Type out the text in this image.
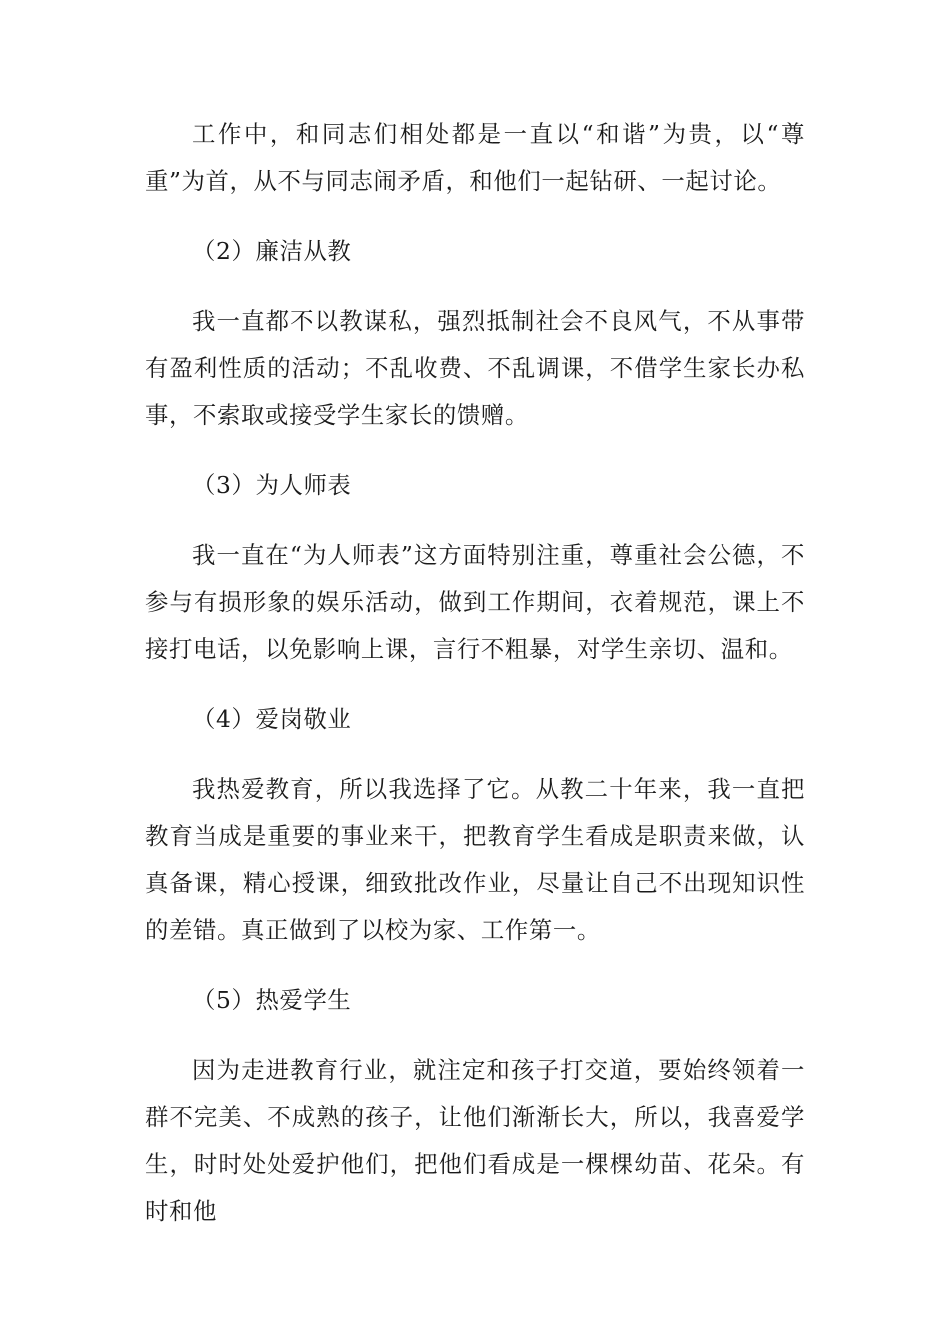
工作中，和同志们相处都是一直以“和谐”为贵，以“尊重”为首，从不与同志闹矛盾，和他们一起钻研、一起讨论。

（2）廉洁从教

我一直都不以教谋私，强烈抵制社会不良风气，不从事带有盈利性质的活动；不乱收费、不乱调课，不借学生家长办私事，不索取或接受学生家长的馈赠。

（3）为人师表

我一直在“为人师表”这方面特别注重，尊重社会公德，不参与有损形象的娱乐活动，做到工作期间，衣着规范，课上不接打电话，以免影响上课，言行不粗暴，对学生亲切、温和。

（4）爱岗敬业

我热爱教育，所以我选择了它。从教二十年来，我一直把教育当成是重要的事业来干，把教育学生看成是职责来做，认真备课，精心授课，细致批改作业，尽量让自己不出现知识性的差错。真正做到了以校为家、工作第一。

（5）热爱学生

因为走进教育行业，就注定和孩子打交道，要始终领着一群不完美、不成熟的孩子，让他们渐渐长大，所以，我喜爱学生，时时处处爱护他们，把他们看成是一棵棵幼苗、花朵。有时和他
